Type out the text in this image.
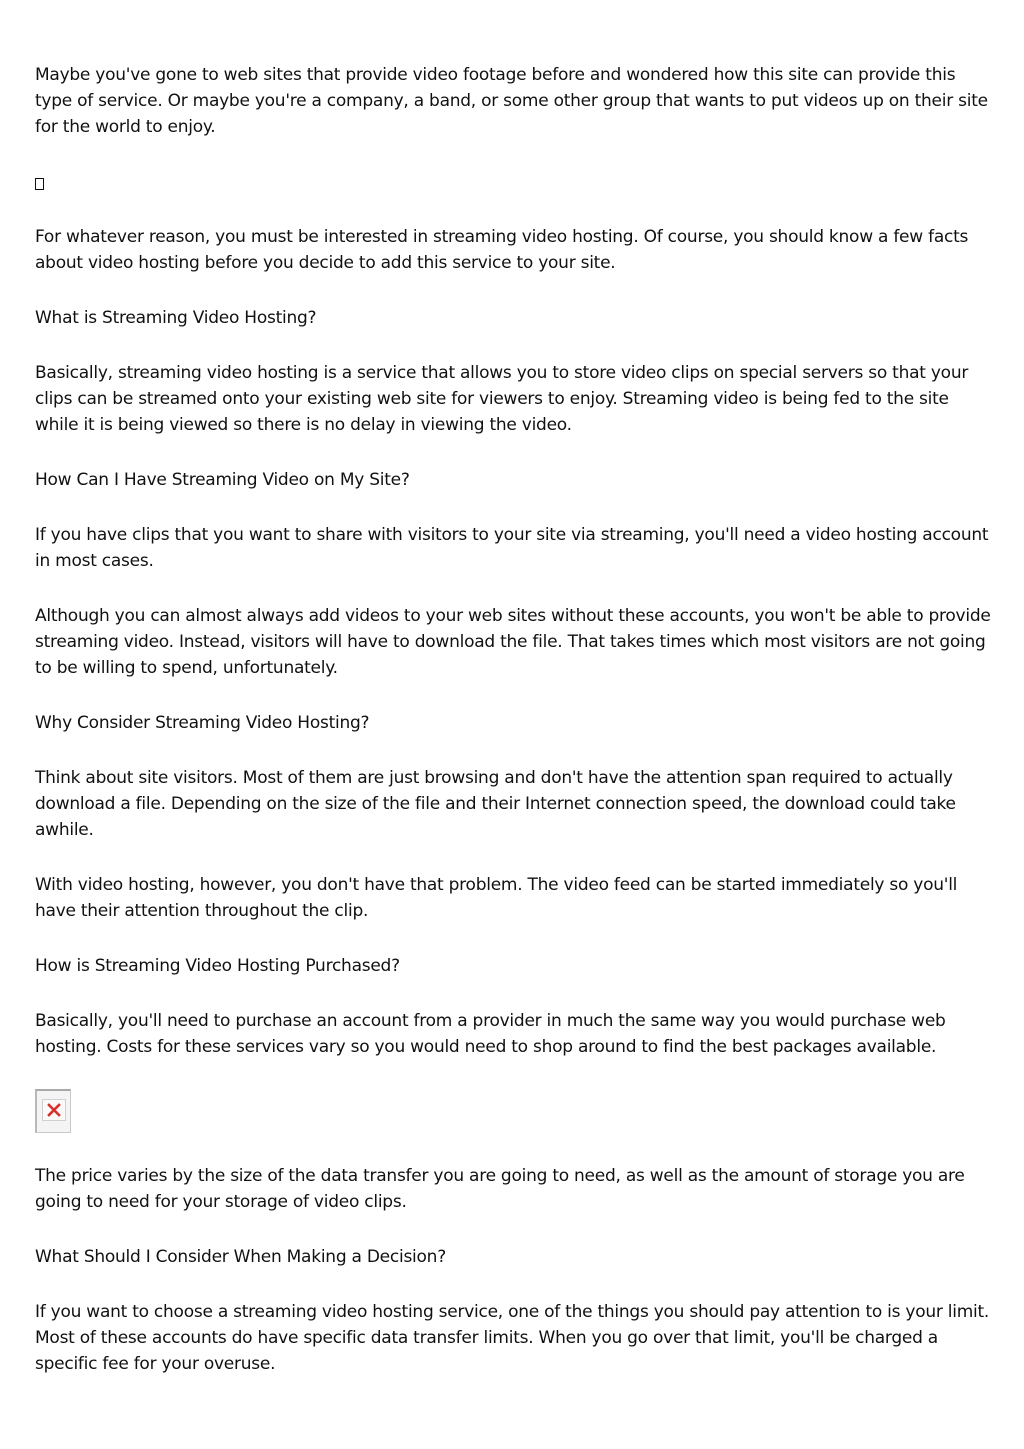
Maybe you've gone to web sites that provide video footage before and wondered how this site can provide this type of service. Or maybe you're a company, a band, or some other group that wants to put videos up on their site for the world to enjoy.

For whatever reason, you must be interested in streaming video hosting. Of course, you should know a few facts about video hosting before you decide to add this service to your site.

What is Streaming Video Hosting?

Basically, streaming video hosting is a service that allows you to store video clips on special servers so that your clips can be streamed onto your existing web site for viewers to enjoy. Streaming video is being fed to the site while it is being viewed so there is no delay in viewing the video.

How Can I Have Streaming Video on My Site?

If you have clips that you want to share with visitors to your site via streaming, you'll need a video hosting account in most cases.

Although you can almost always add videos to your web sites without these accounts, you won't be able to provide streaming video. Instead, visitors will have to download the file. That takes times which most visitors are not going to be willing to spend, unfortunately.

Why Consider Streaming Video Hosting?

Think about site visitors. Most of them are just browsing and don't have the attention span required to actually download a file. Depending on the size of the file and their Internet connection speed, the download could take awhile.

With video hosting, however, you don't have that problem. The video feed can be started immediately so you'll have their attention throughout the clip.

How is Streaming Video Hosting Purchased?

Basically, you'll need to purchase an account from a provider in much the same way you would purchase web hosting. Costs for these services vary so you would need to shop around to find the best packages available.

The price varies by the size of the data transfer you are going to need, as well as the amount of storage you are going to need for your storage of video clips.

What Should I Consider When Making a Decision?

If you want to choose a streaming video hosting service, one of the things you should pay attention to is your limit. Most of these accounts do have specific data transfer limits. When you go over that limit, you'll be charged a specific fee for your overuse.
